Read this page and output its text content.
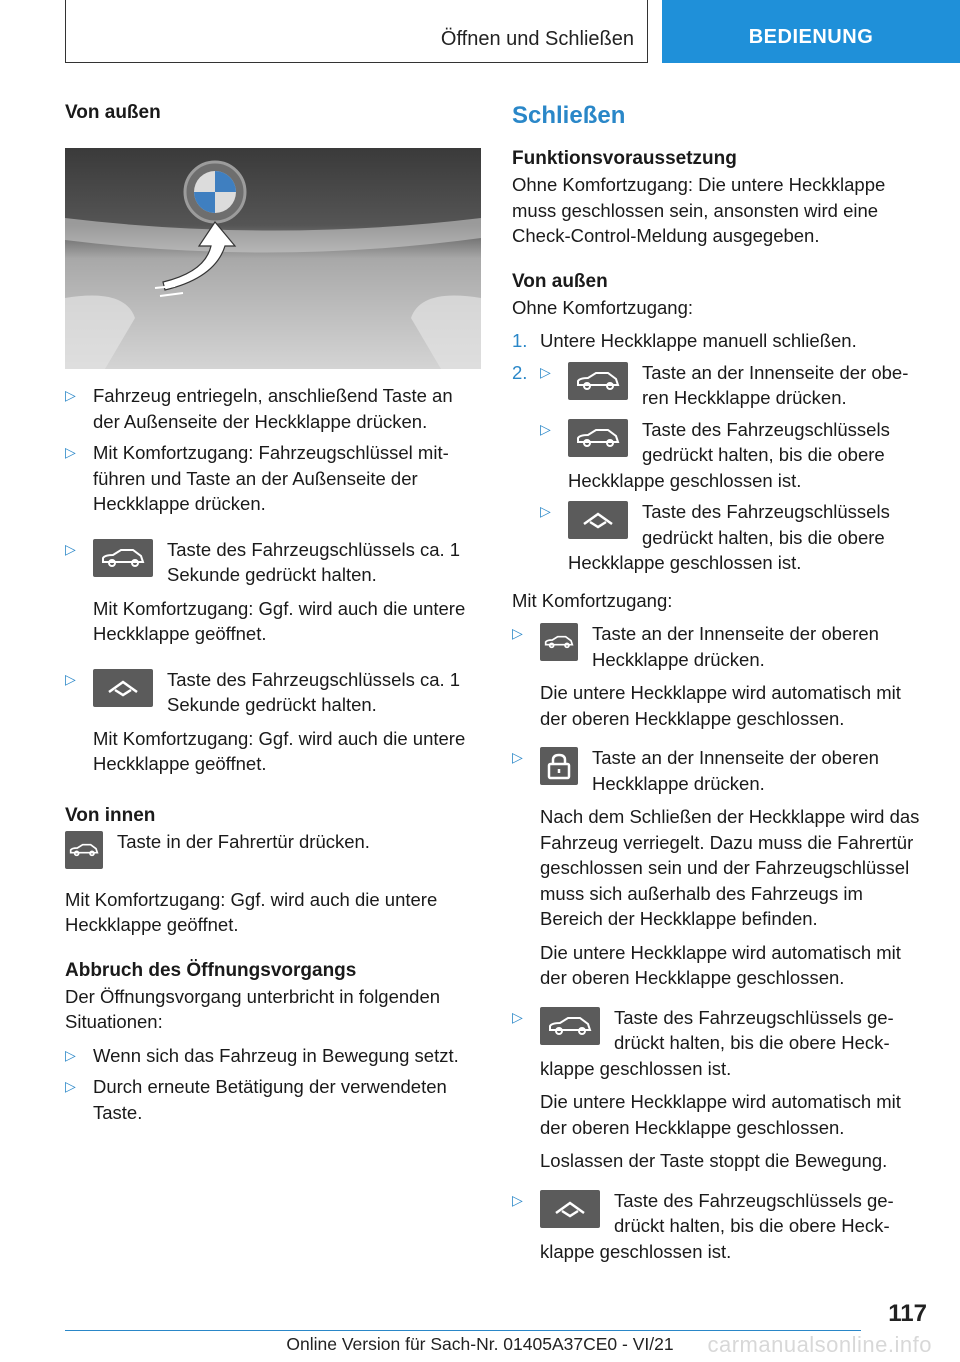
Öffnen und Schließen	BEDIENUNG

Von außen

▷ Fahrzeug entriegeln, anschließend Taste an der Außenseite der Heckklappe drücken.

▷ Mit Komfortzugang: Fahrzeugschlüssel mitführen und Taste an der Außenseite der Heckklappe drücken.

▷	Taste des Fahrzeugschlüssels ca. 1 Sekunde gedrückt halten.

Mit Komfortzugang: Ggf. wird auch die untere Heckklappe geöffnet.

▷	Taste des Fahrzeugschlüssels ca. 1 Sekunde gedrückt halten.

Mit Komfortzugang: Ggf. wird auch die untere Heckklappe geöffnet.

Von innen

Taste in der Fahrertür drücken.

Mit Komfortzugang: Ggf. wird auch die untere Heckklappe geöffnet.

Abbruch des Öffnungsvorgangs

Der Öffnungsvorgang unterbricht in folgenden Situationen:

▷ Wenn sich das Fahrzeug in Bewegung setzt.

▷ Durch erneute Betätigung der verwendeten Taste.

Schließen

Funktionsvoraussetzung

Ohne Komfortzugang: Die untere Heckklappe muss geschlossen sein, ansonsten wird eine Check-Control-Meldung ausgegeben.

Von außen

Ohne Komfortzugang:

1. Untere Heckklappe manuell schließen.

2. ▷	Taste an der Innenseite der oberen Heckklappe drücken.

▷	Taste des Fahrzeugschlüssels gedrückt halten, bis die obere Heckklappe geschlossen ist.

▷	Taste des Fahrzeugschlüssels gedrückt halten, bis die obere Heckklappe geschlossen ist.

Mit Komfortzugang:

▷	Taste an der Innenseite der oberen Heckklappe drücken.

Die untere Heckklappe wird automatisch mit der oberen Heckklappe geschlossen.

▷	Taste an der Innenseite der oberen Heckklappe drücken.

Nach dem Schließen der Heckklappe wird das Fahrzeug verriegelt. Dazu muss die Fahrertür geschlossen sein und der Fahrzeugschlüssel muss sich außerhalb des Fahrzeugs im Bereich der Heckklappe befinden.

Die untere Heckklappe wird automatisch mit der oberen Heckklappe geschlossen.

▷	Taste des Fahrzeugschlüssels gedrückt halten, bis die obere Heckklappe geschlossen ist.

Die untere Heckklappe wird automatisch mit der oberen Heckklappe geschlossen.

Loslassen der Taste stoppt die Bewegung.

▷	Taste des Fahrzeugschlüssels gedrückt halten, bis die obere Heckklappe geschlossen ist.

117
Online Version für Sach-Nr. 01405A37CE0 - VI/21	carmanualsonline.info
